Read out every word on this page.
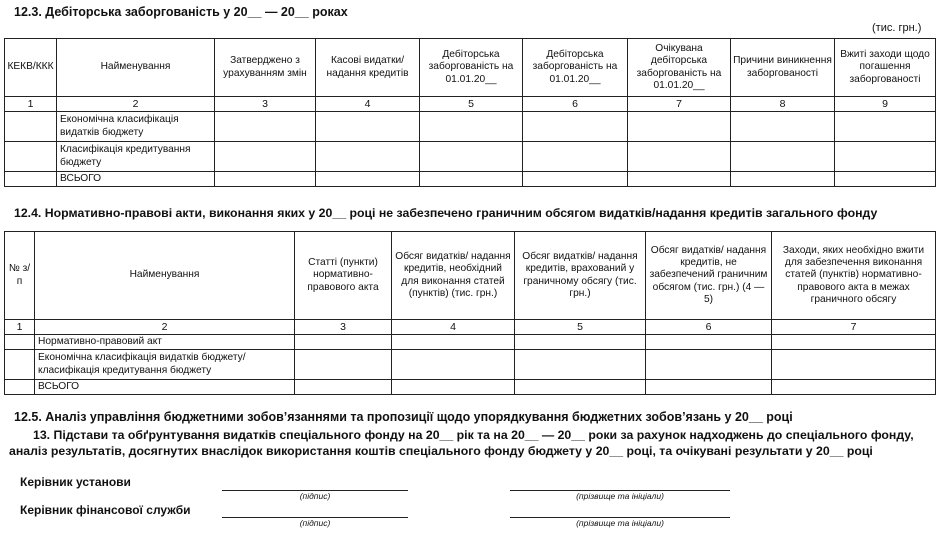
12.3. Дебіторська заборгованість у 20__ — 20__ роках
(тис. грн.)
КЕКВ/ККК	Найменування	Затверджено з урахуванням змін	Касові видатки/ надання кредитів	Дебіторська заборгованість на 01.01.20__	Дебіторська заборгованість на 01.01.20__	Очікувана дебіторська заборгованість на 01.01.20__	Причини виникнення заборгованості	Вжиті заходи щодо погашення заборгованості
1	2	3	4	5	6	7	8	9
	Економічна класифікація видатків бюджету							
	Класифікація кредитування бюджету							
	ВСЬОГО							
12.4. Нормативно-правові акти, виконання яких у 20__ році не забезпечено граничним обсягом видатків/надання кредитів загального фонду
№ з/п	Найменування	Статті (пункти) нормативно-правового акта	Обсяг видатків/ надання кредитів, необхідний для виконання статей (пунктів) (тис. грн.)	Обсяг видатків/ надання кредитів, врахований у граничному обсягу (тис. грн.)	Обсяг видатків/ надання кредитів, не забезпечений граничним обсягом (тис. грн.) (4 — 5)	Заходи, яких необхідно вжити для забезпечення виконання статей (пунктів) нормативно-правового акта в межах граничного обсягу
1	2	3	4	5	6	7
	Нормативно-правовий акт					
	Економічна класифікація видатків бюджету/ класифікація кредитування бюджету					
	ВСЬОГО					
12.5. Аналіз управління бюджетними зобов’язаннями та пропозиції щодо упорядкування бюджетних зобов’язань у 20__ році
13. Підстави та обґрунтування видатків спеціального фонду на 20__ рік та на 20__ — 20__ роки за рахунок надходжень до спеціального фонду,
аналіз результатів, досягнутих внаслідок використання коштів спеціального фонду бюджету у 20__ році, та очікувані результати у 20__ році
Керівник установи
(підпис)	(прізвище та ініціали)
Керівник фінансової служби
(підпис)	(прізвище та ініціали)
